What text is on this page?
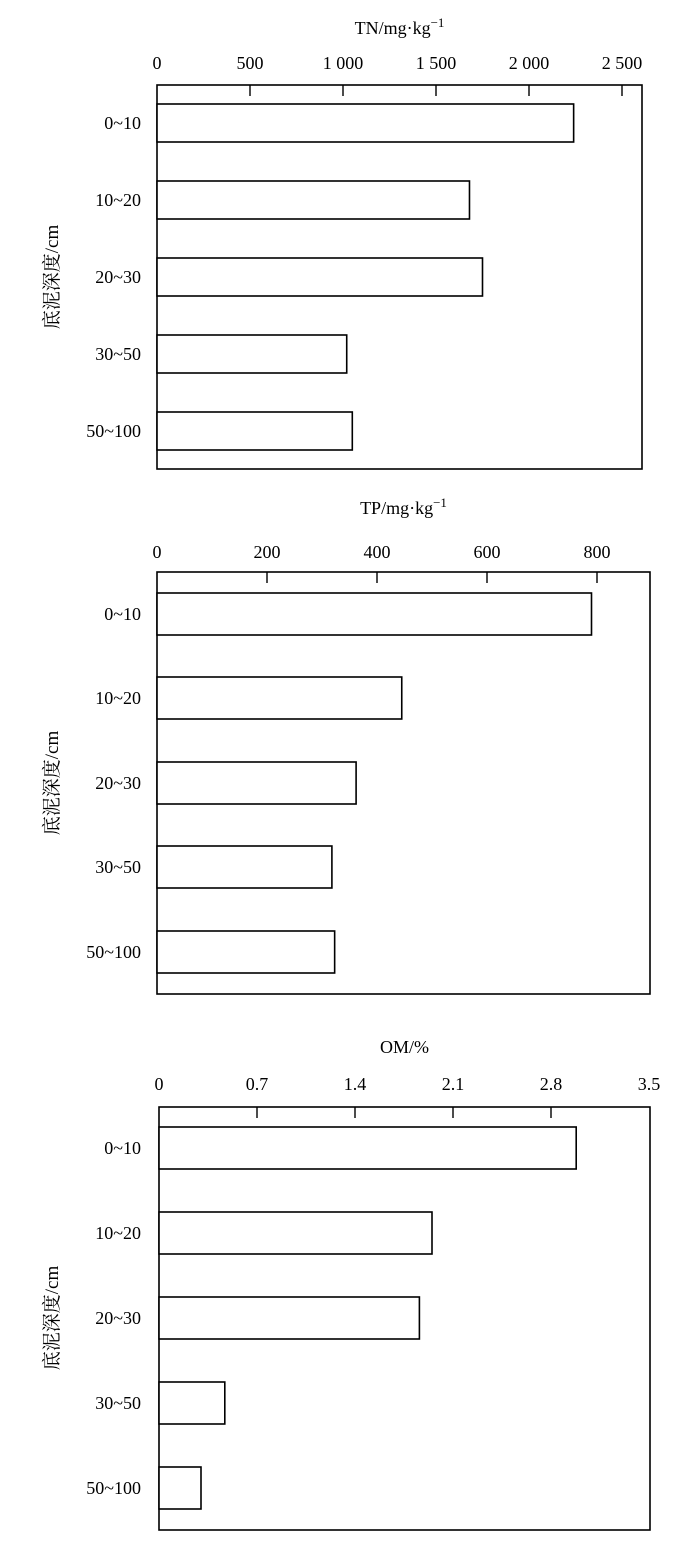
$TN/mg\cdot kg^{-1}$
0	500	1 000	1 500	2 000	2 500
0~10
10~20
20~30
30~50
50~100
底泥深度/cm
$TP/mg\cdot kg^{-1}$
0	200	400	600	800
0~10
10~20
20~30
30~50
50~100
底泥深度/cm
OM/%
0	0.7	1.4	2.1	2.8	3.5
0~10
10~20
20~30
30~50
50~100
底泥深度/cm
